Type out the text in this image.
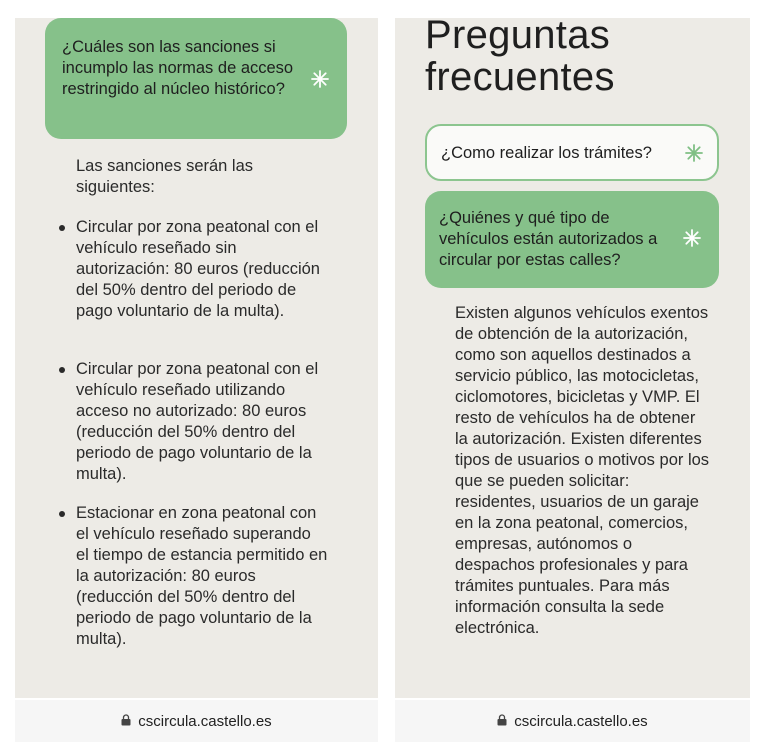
¿Cuáles son las sanciones si incumplo las normas de acceso restringido al núcleo histórico?
Las sanciones serán las siguientes:
Circular por zona peatonal con el vehículo reseñado sin autorización: 80 euros (reducción del 50% dentro del periodo de pago voluntario de la multa).
Circular por zona peatonal con el vehículo reseñado utilizando acceso no autorizado: 80 euros (reducción del 50% dentro del periodo de pago voluntario de la multa).
Estacionar en zona peatonal con el vehículo reseñado superando el tiempo de estancia permitido en la autorización: 80 euros (reducción del 50% dentro del periodo de pago voluntario de la multa).
cscircula.castello.es
Preguntas frecuentes
¿Como realizar los trámites?
¿Quiénes y qué tipo de vehículos están autorizados a circular por estas calles?
Existen algunos vehículos exentos de obtención de la autorización, como son aquellos destinados a servicio público, las motocicletas, ciclomotores, bicicletas y VMP. El resto de vehículos ha de obtener la autorización. Existen diferentes tipos de usuarios o motivos por los que se pueden solicitar: residentes, usuarios de un garaje en la zona peatonal, comercios, empresas, autónomos o despachos profesionales y para trámites puntuales. Para más información consulta la sede electrónica.
cscircula.castello.es
